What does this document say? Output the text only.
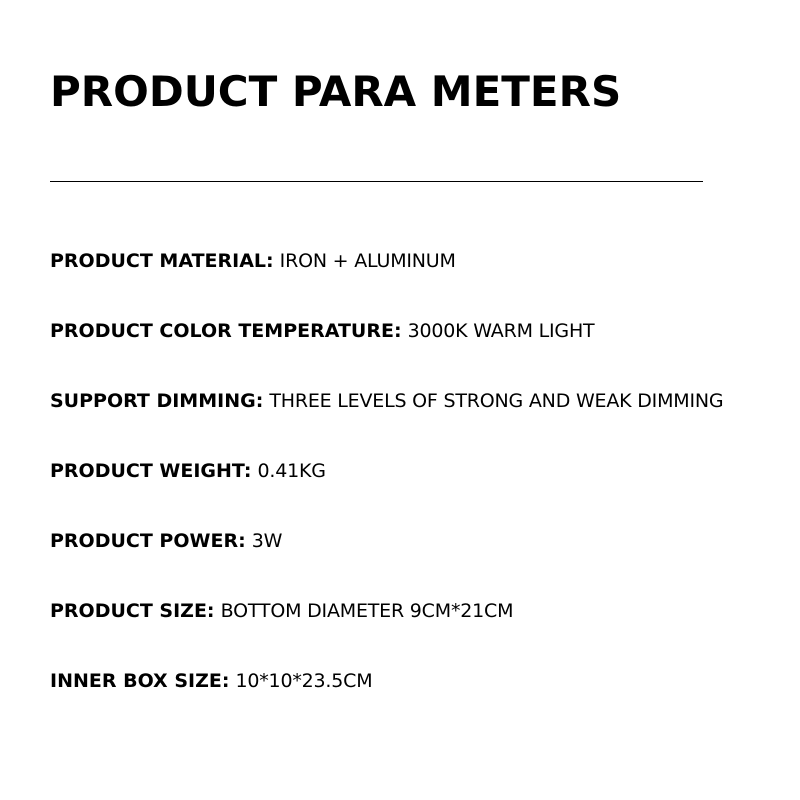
PRODUCT PARA METERS
PRODUCT MATERIAL: IRON + ALUMINUM
PRODUCT COLOR TEMPERATURE: 3000K WARM LIGHT
SUPPORT DIMMING: THREE LEVELS OF STRONG AND WEAK DIMMING
PRODUCT WEIGHT: 0.41KG
PRODUCT POWER: 3W
PRODUCT SIZE: BOTTOM DIAMETER 9CM*21CM
INNER BOX SIZE: 10*10*23.5CM
